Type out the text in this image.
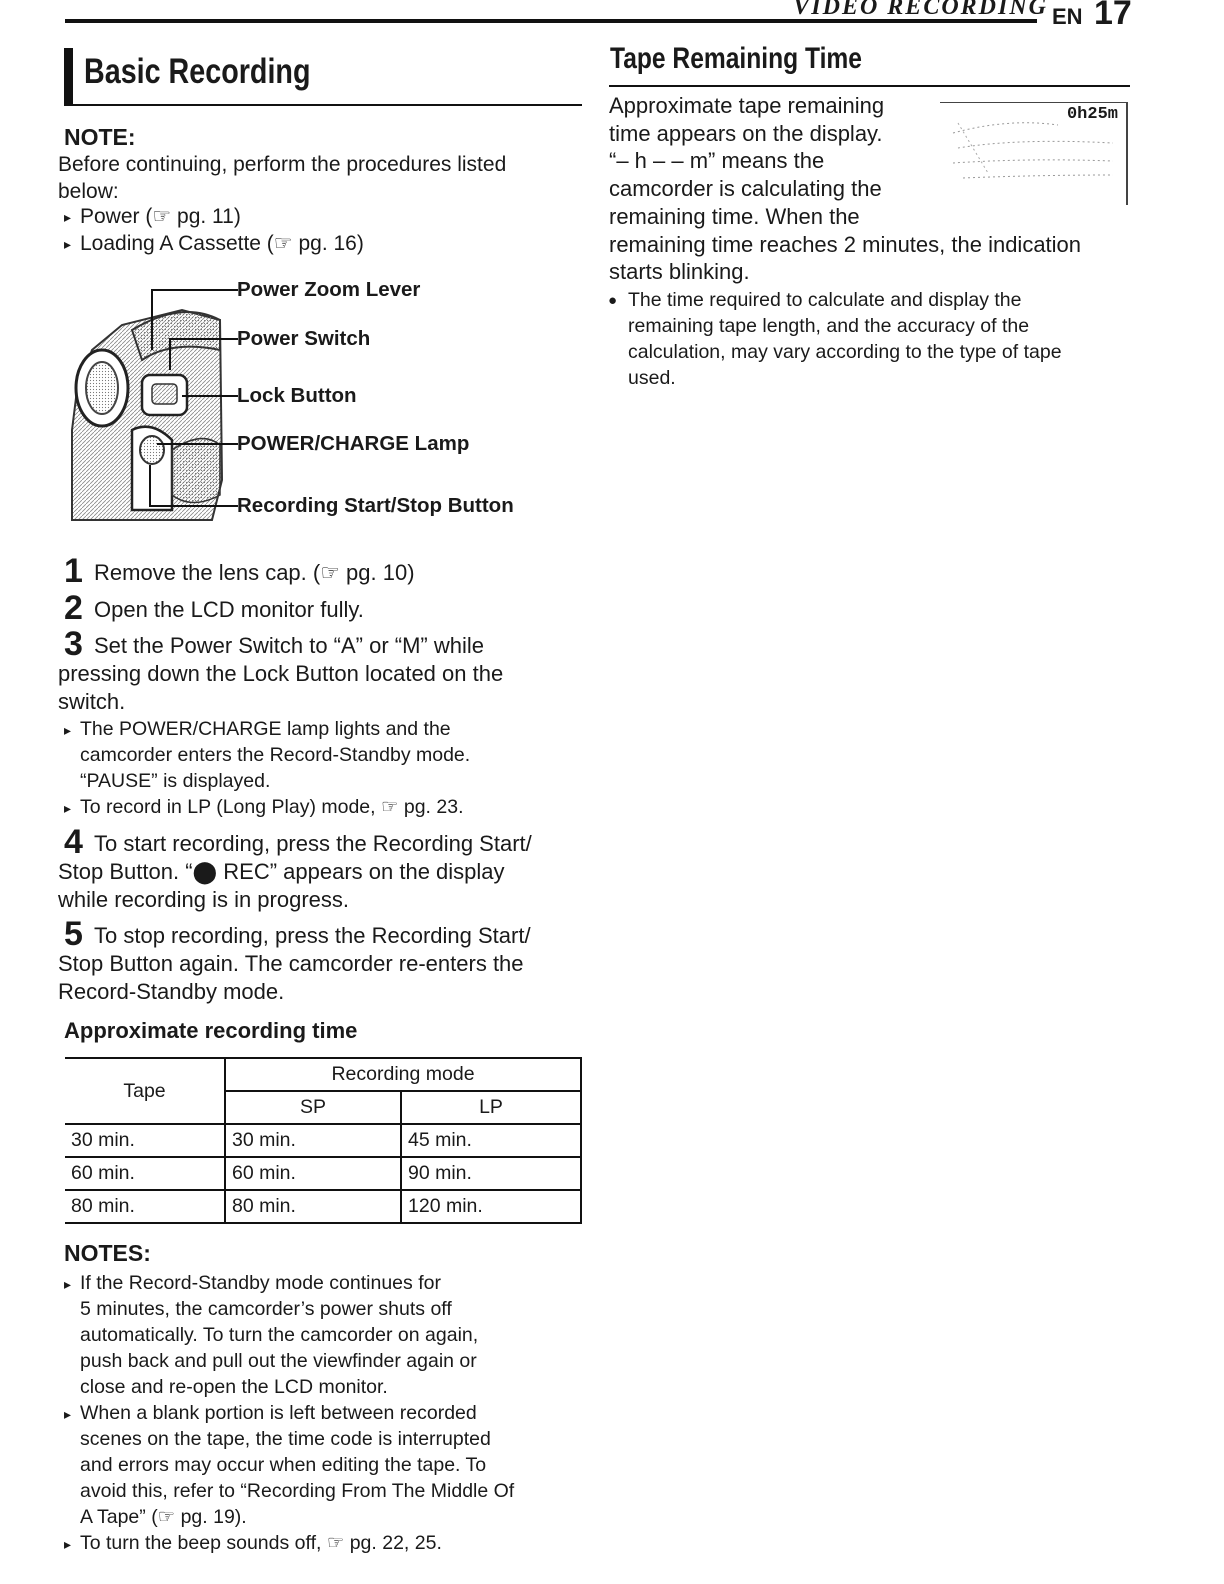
VIDEO RECORDING EN 17
Basic Recording
NOTE:
Before continuing, perform the procedures listed
below:
▸ Power (☞ pg. 11)
▸ Loading A Cassette (☞ pg. 16)
Power Zoom Lever
Power Switch
Lock Button
POWER/CHARGE Lamp
Recording Start/Stop Button
1 Remove the lens cap. (☞ pg. 10)
2 Open the LCD monitor fully.
3 Set the Power Switch to “A” or “M” while
pressing down the Lock Button located on the
switch.
▸ The POWER/CHARGE lamp lights and the
camcorder enters the Record-Standby mode.
“PAUSE” is displayed.
▸ To record in LP (Long Play) mode, ☞ pg. 23.
4 To start recording, press the Recording Start/
Stop Button. “⬤ REC” appears on the display
while recording is in progress.
5 To stop recording, press the Recording Start/
Stop Button again. The camcorder re-enters the
Record-Standby mode.
Approximate recording time
Tape	Recording mode	
	SP	LP
30 min.	30 min.	45 min.
60 min.	60 min.	90 min.
80 min.	80 min.	120 min.
NOTES:
▸ If the Record-Standby mode continues for
5 minutes, the camcorder’s power shuts off
automatically. To turn the camcorder on again,
push back and pull out the viewfinder again or
close and re-open the LCD monitor.
▸ When a blank portion is left between recorded
scenes on the tape, the time code is interrupted
and errors may occur when editing the tape. To
avoid this, refer to “Recording From The Middle Of
A Tape” (☞ pg. 19).
▸ To turn the beep sounds off, ☞ pg. 22, 25.
Tape Remaining Time
0h25m
Approximate tape remaining
time appears on the display.
“– h – – m” means the
camcorder is calculating the
remaining time. When the
remaining time reaches 2 minutes, the indication
starts blinking.
● The time required to calculate and display the
remaining tape length, and the accuracy of the
calculation, may vary according to the type of tape
used.
